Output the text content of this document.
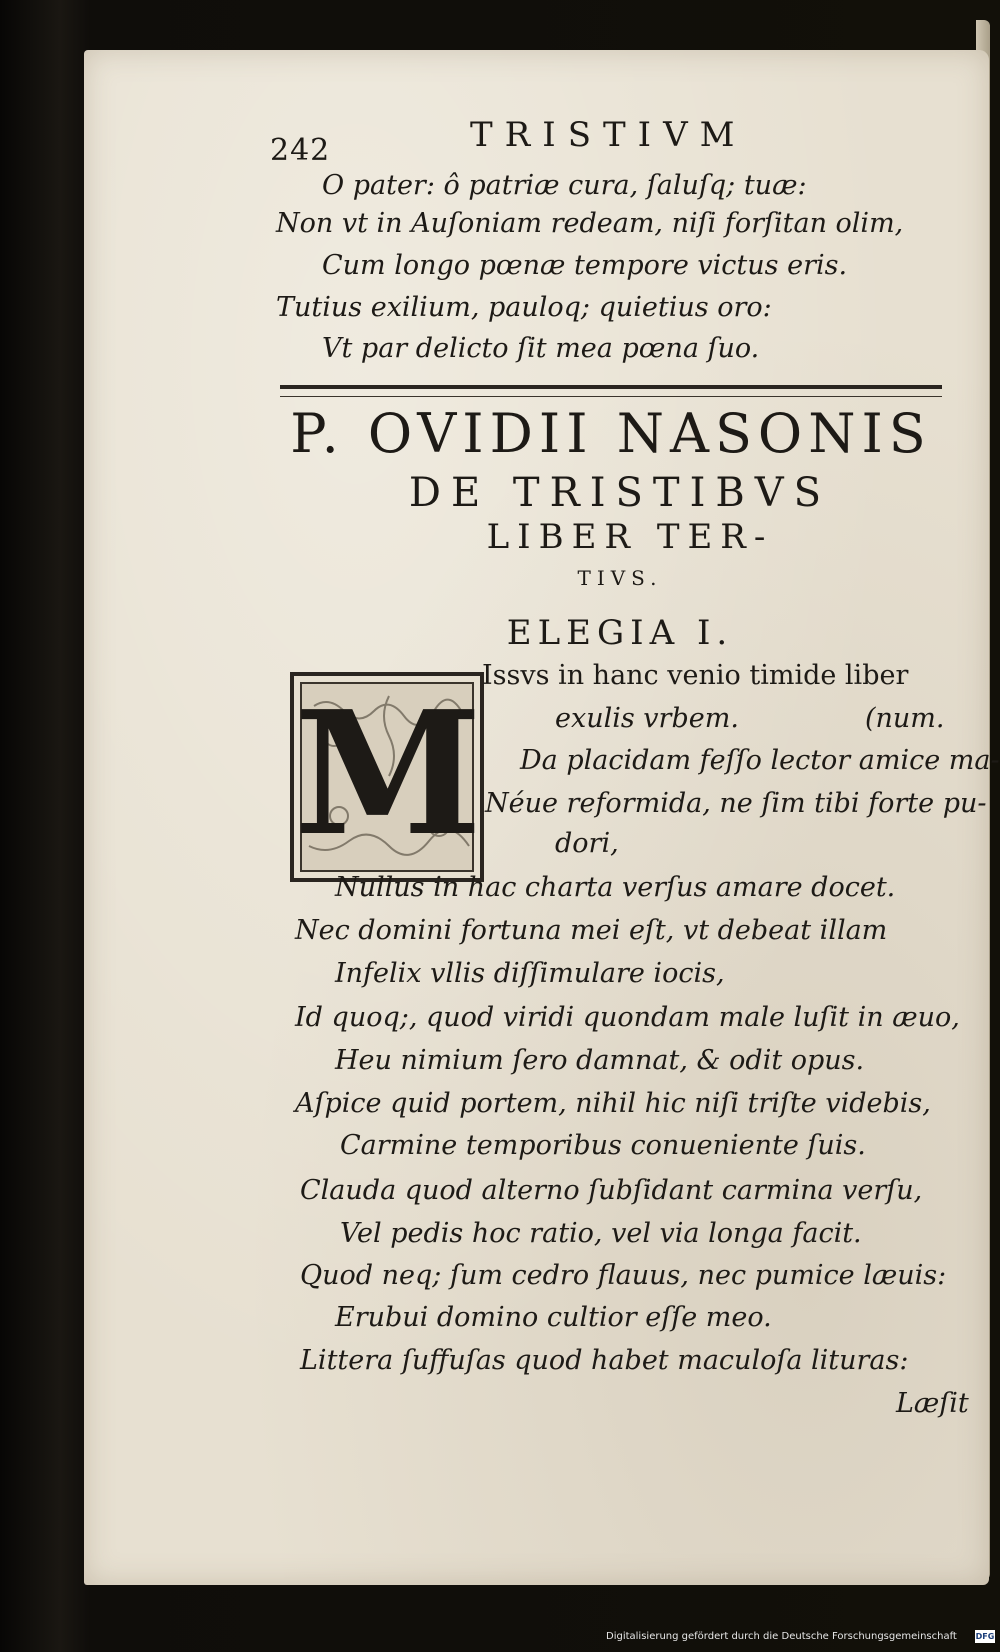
242	TRISTIVM
O pater: ô patriæ cura, ſaluſq; tuæ:
Non vt in Auſoniam redeam, niſi forſitan olim,
Cum longo pœnæ tempore victus eris.
Tutius exilium, pauloq; quietius oro:
Vt par delicto ſit mea pœna ſuo.
P. OVIDII NASONIS
DE TRISTIBVS
LIBER TER-
TIVS.
ELEGIA I.
M Issvs in hanc venio timide liber
exulis vrbem.	(num.
Da placidam feſſo lector amice ma-
Néue reformida, ne ſim tibi forte pu-
dori,
Nullus in hac charta verſus amare docet.
Nec domini fortuna mei eſt, vt debeat illam
Infelix vllis diſſimulare iocis,
Id quoq;, quod viridi quondam male luſit in æuo,
Heu nimium ſero damnat, & odit opus.
Aſpice quid portem, nihil hic niſi triſte videbis,
Carmine temporibus conueniente ſuis.
Clauda quod alterno ſubſidant carmina verſu,
Vel pedis hoc ratio, vel via longa facit.
Quod neq; ſum cedro flauus, nec pumice læuis:
Erubui domino cultior eſſe meo.
Littera ſuffuſas quod habet maculoſa lituras:
Læſit
Digitalisierung gefördert durch die Deutsche Forschungsgemeinschaft DFG
